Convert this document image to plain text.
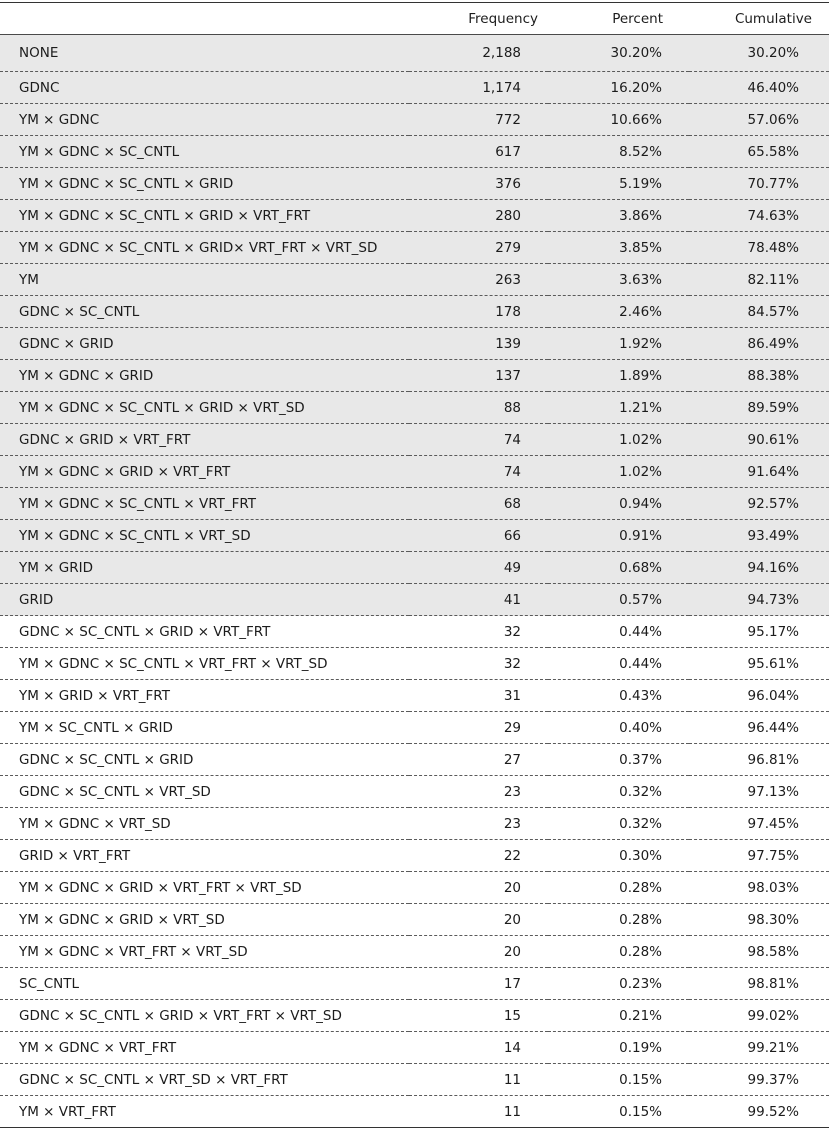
	Frequency	Percent	Cumulative
NONE	2,188	30.20%	30.20%
GDNC	1,174	16.20%	46.40%
YM × GDNC	772	10.66%	57.06%
YM × GDNC × SC_CNTL	617	8.52%	65.58%
YM × GDNC × SC_CNTL × GRID	376	5.19%	70.77%
YM × GDNC × SC_CNTL × GRID × VRT_FRT	280	3.86%	74.63%
YM × GDNC × SC_CNTL × GRID× VRT_FRT × VRT_SD	279	3.85%	78.48%
YM	263	3.63%	82.11%
GDNC × SC_CNTL	178	2.46%	84.57%
GDNC × GRID	139	1.92%	86.49%
YM × GDNC × GRID	137	1.89%	88.38%
YM × GDNC × SC_CNTL × GRID × VRT_SD	88	1.21%	89.59%
GDNC × GRID × VRT_FRT	74	1.02%	90.61%
YM × GDNC × GRID × VRT_FRT	74	1.02%	91.64%
YM × GDNC × SC_CNTL × VRT_FRT	68	0.94%	92.57%
YM × GDNC × SC_CNTL × VRT_SD	66	0.91%	93.49%
YM × GRID	49	0.68%	94.16%
GRID	41	0.57%	94.73%
GDNC × SC_CNTL × GRID × VRT_FRT	32	0.44%	95.17%
YM × GDNC × SC_CNTL × VRT_FRT × VRT_SD	32	0.44%	95.61%
YM × GRID × VRT_FRT	31	0.43%	96.04%
YM × SC_CNTL × GRID	29	0.40%	96.44%
GDNC × SC_CNTL × GRID	27	0.37%	96.81%
GDNC × SC_CNTL × VRT_SD	23	0.32%	97.13%
YM × GDNC × VRT_SD	23	0.32%	97.45%
GRID × VRT_FRT	22	0.30%	97.75%
YM × GDNC × GRID × VRT_FRT × VRT_SD	20	0.28%	98.03%
YM × GDNC × GRID × VRT_SD	20	0.28%	98.30%
YM × GDNC × VRT_FRT × VRT_SD	20	0.28%	98.58%
SC_CNTL	17	0.23%	98.81%
GDNC × SC_CNTL × GRID × VRT_FRT × VRT_SD	15	0.21%	99.02%
YM × GDNC × VRT_FRT	14	0.19%	99.21%
GDNC × SC_CNTL × VRT_SD × VRT_FRT	11	0.15%	99.37%
YM × VRT_FRT	11	0.15%	99.52%
